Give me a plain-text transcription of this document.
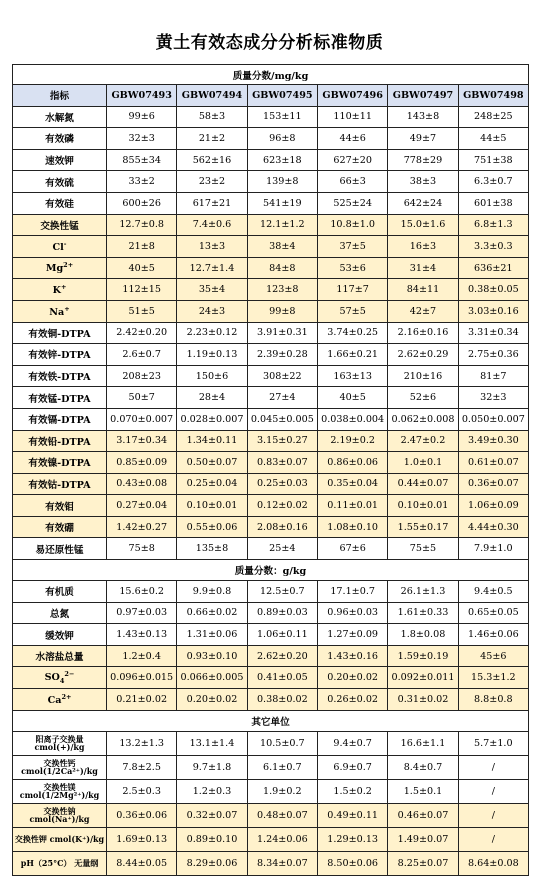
黄土有效态成分分析标准物质
质量分数/mg/kg						
指标	GBW07493	GBW07494	GBW07495	GBW07496	GBW07497	GBW07498
水解氮	99±6	58±3	153±11	110±11	143±8	248±25
有效磷	32±3	21±2	96±8	44±6	49±7	44±5
速效钾	855±34	562±16	623±18	627±20	778±29	751±38
有效硫	33±2	23±2	139±8	66±3	38±3	6.3±0.7
有效硅	600±26	617±21	541±19	525±24	642±24	601±38
交换性锰	12.7±0.8	7.4±0.6	12.1±1.2	10.8±1.0	15.0±1.6	6.8±1.3
Cl-	21±8	13±3	38±4	37±5	16±3	3.3±0.3
$Mg^{2+}$	40±5	12.7±1.4	84±8	53±6	31±4	636±21
K+	112±15	35±4	123±8	117±7	84±11	0.38±0.05
Na+	51±5	24±3	99±8	57±5	42±7	3.03±0.16
有效铜-DTPA	2.42±0.20	2.23±0.12	3.91±0.31	3.74±0.25	2.16±0.16	3.31±0.34
有效锌-DTPA	2.6±0.7	1.19±0.13	2.39±0.28	1.66±0.21	2.62±0.29	2.75±0.36
有效铁-DTPA	208±23	150±6	308±22	163±13	210±16	81±7
有效锰-DTPA	50±7	28±4	27±4	40±5	52±6	32±3
有效镉-DTPA	0.070±0.007	0.028±0.007	0.045±0.005	0.038±0.004	0.062±0.008	0.050±0.007
有效铅-DTPA	3.17±0.34	1.34±0.11	3.15±0.27	2.19±0.2	2.47±0.2	3.49±0.30
有效镍-DTPA	0.85±0.09	0.50±0.07	0.83±0.07	0.86±0.06	1.0±0.1	0.61±0.07
有效钴-DTPA	0.43±0.08	0.25±0.04	0.25±0.03	0.35±0.04	0.44±0.07	0.36±0.07
有效钼	0.27±0.04	0.10±0.01	0.12±0.02	0.11±0.01	0.10±0.01	1.06±0.09
有效硼	1.42±0.27	0.55±0.06	2.08±0.16	1.08±0.10	1.55±0.17	4.44±0.30
易还原性锰	75±8	135±8	25±4	67±6	75±5	7.9±1.0
质量分数：g/kg						
有机质	15.6±0.2	9.9±0.8	12.5±0.7	17.1±0.7	26.1±1.3	9.4±0.5
总氮	0.97±0.03	0.66±0.02	0.89±0.03	0.96±0.03	1.61±0.33	0.65±0.05
缓效钾	1.43±0.13	1.31±0.06	1.06±0.11	1.27±0.09	1.8±0.08	1.46±0.06
水溶盐总量	1.2±0.4	0.93±0.10	2.62±0.20	1.43±0.16	1.59±0.19	45±6
$SO_4^{2-}$	0.096±0.015	0.066±0.005	0.41±0.05	0.20±0.02	0.092±0.011	15.3±1.2
$Ca^{2+}$	0.21±0.02	0.20±0.02	0.38±0.02	0.26±0.02	0.31±0.02	8.8±0.8
其它单位						
阳离子交换量 cmol(+)/kg	13.2±1.3	13.1±1.4	10.5±0.7	9.4±0.7	16.6±1.1	5.7±1.0
交换性钙 cmol(1/2Ca²⁺)/kg	7.8±2.5	9.7±1.8	6.1±0.7	6.9±0.7	8.4±0.7	/
交换性镁 cmol(1/2Mg²⁺)/kg	2.5±0.3	1.2±0.3	1.9±0.2	1.5±0.2	1.5±0.1	/
交换性钠 cmol(Na⁺)/kg	0.36±0.06	0.32±0.07	0.48±0.07	0.49±0.11	0.46±0.07	/
交换性钾 cmol(K⁺)/kg	1.69±0.13	0.89±0.10	1.24±0.06	1.29±0.13	1.49±0.07	/
pH（25°C） 无量纲	8.44±0.05	8.29±0.06	8.34±0.07	8.50±0.06	8.25±0.07	8.64±0.08
